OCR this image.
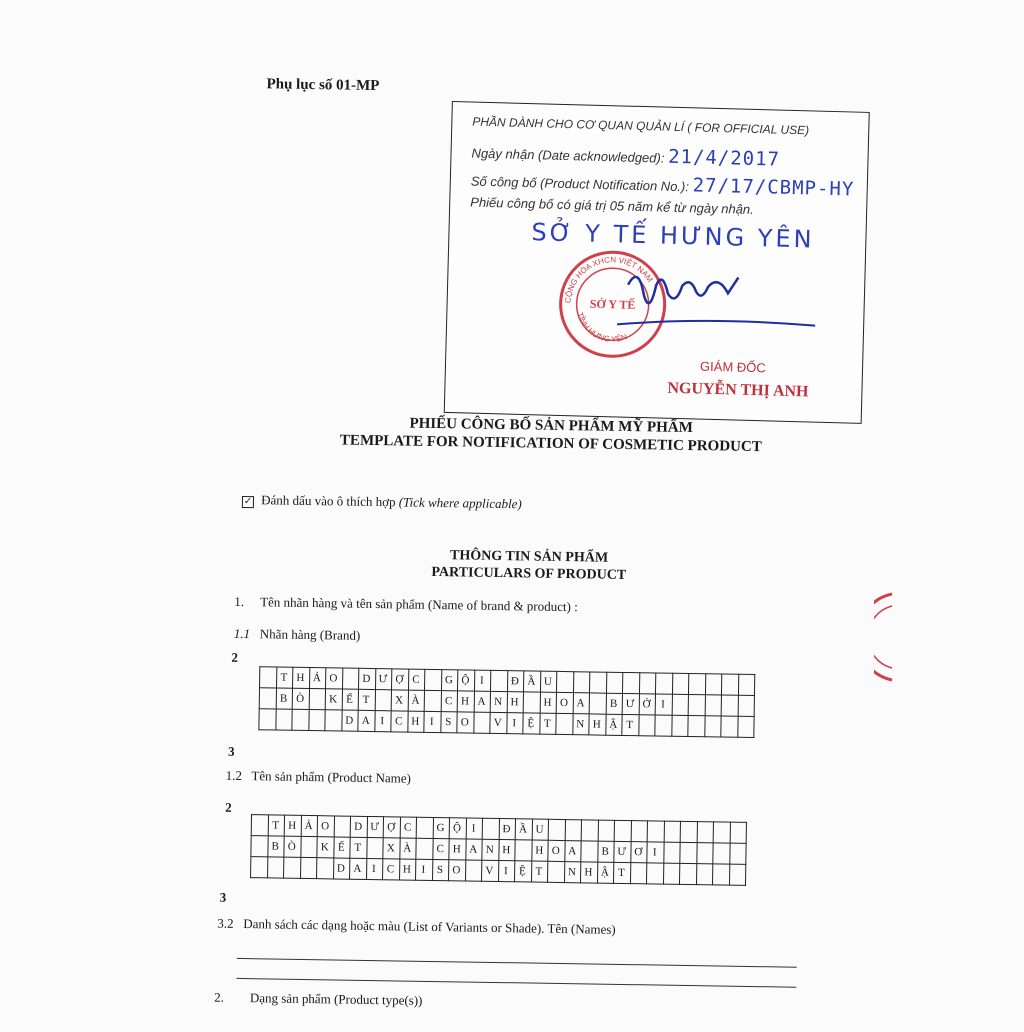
Phụ lục số 01-MP
PHẦN DÀNH CHO CƠ QUAN QUẢN LÍ ( FOR OFFICIAL USE)
Ngày nhận (Date acknowledged): 21/4/2017
Số công bố (Product Notification No.): 27/17/CBMP-HY
Phiếu công bố có giá trị 05 năm kể từ ngày nhận.
SỞ Y TẾ HƯNG YÊN
CỘNG HÒA XHCN VIỆT NAM
TỈNH HƯNG YÊN
SỞ Y TẾ
GIÁM ĐỐC
NGUYỄN THỊ ANH
PHIẾU CÔNG BỐ SẢN PHẨM MỸ PHẨM
TEMPLATE FOR NOTIFICATION OF COSMETIC PRODUCT
✓ Đánh dấu vào ô thích hợp (Tick where applicable)
THÔNG TIN SẢN PHẨM
PARTICULARS OF PRODUCT
1. Tên nhãn hàng và tên sản phẩm (Name of brand & product) :
1.1 Nhãn hàng (Brand)
2
	T	H	Ả	O		D	Ư	Ợ	C		G	Ộ	I		Đ	Ầ	U												
	B	Ò		K	Ế	T		X	À		C	H	A	N	H		H	O	A		B	Ư	Ở	I					
					D	A	I	C	H	I	S	O		V	I	Ệ	T		N	H	Ậ	T							
3
1.2 Tên sản phẩm (Product Name)
2
	T	H	Ả	O		D	Ư	Ợ	C		G	Ộ	I		Đ	Ầ	U												
	B	Ò		K	Ế	T		X	À		C	H	A	N	H		H	O	A		B	Ư	Ơ	I					
					D	A	I	C	H	I	S	O		V	I	Ệ	T		N	H	Ậ	T							
3
3.2 Danh sách các dạng hoặc màu (List of Variants or Shade). Tên (Names)
2. Dạng sản phẩm (Product type(s))
